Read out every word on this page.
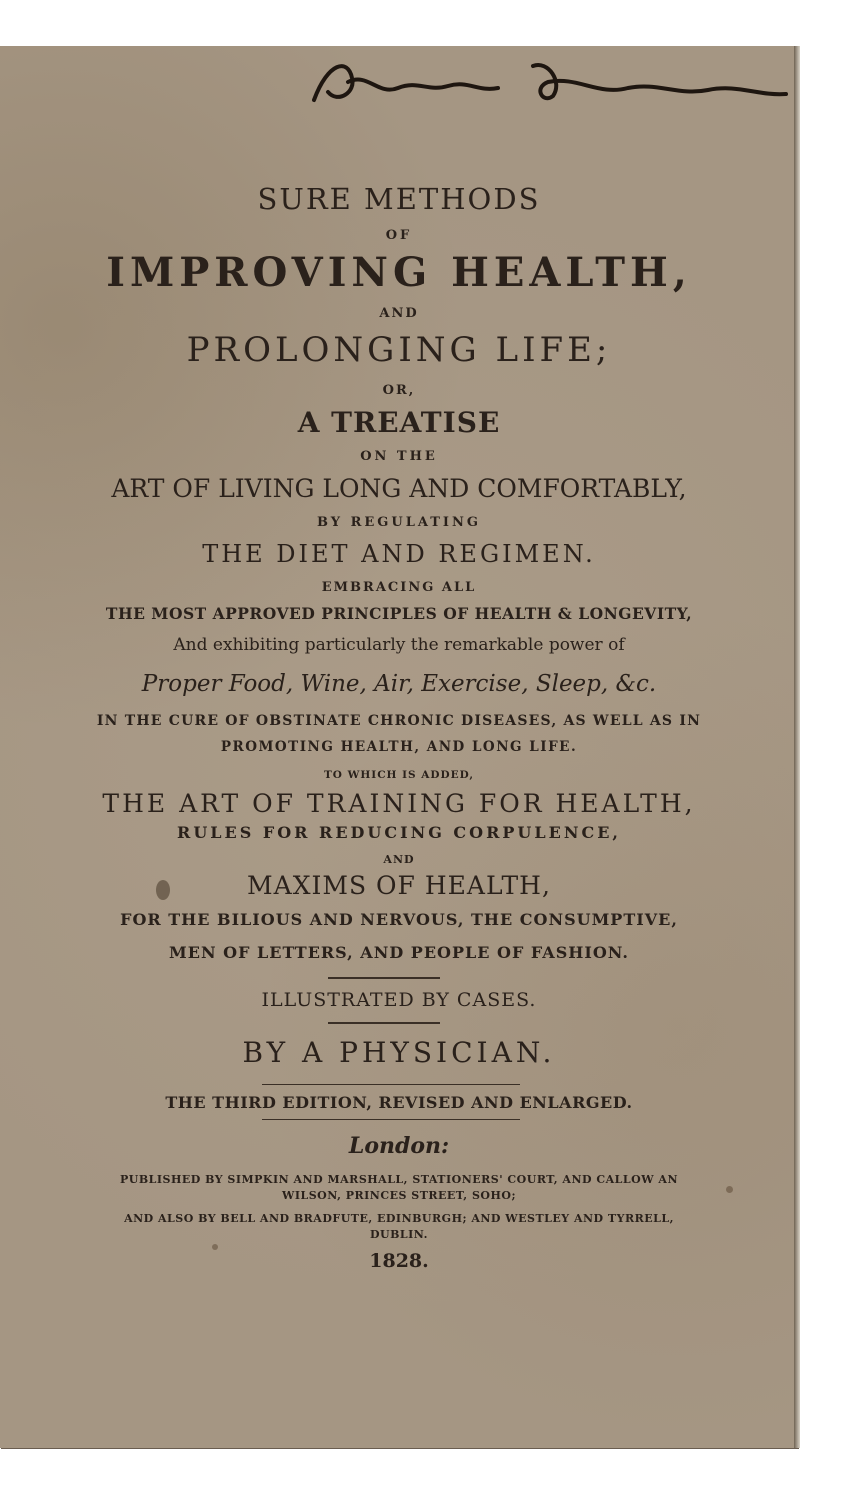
SURE METHODS
OF
IMPROVING HEALTH,
AND
PROLONGING LIFE;
OR,
A TREATISE
ON THE
ART OF LIVING LONG AND COMFORTABLY,
BY REGULATING
THE DIET AND REGIMEN.
EMBRACING ALL
THE MOST APPROVED PRINCIPLES OF HEALTH & LONGEVITY,
And exhibiting particularly the remarkable power of
Proper Food, Wine, Air, Exercise, Sleep, &c.
IN THE CURE OF OBSTINATE CHRONIC DISEASES, AS WELL AS IN
PROMOTING HEALTH, AND LONG LIFE.
TO WHICH IS ADDED,
THE ART OF TRAINING FOR HEALTH,
RULES FOR REDUCING CORPULENCE,
AND
MAXIMS OF HEALTH,
FOR THE BILIOUS AND NERVOUS, THE CONSUMPTIVE,
MEN OF LETTERS, AND PEOPLE OF FASHION.
ILLUSTRATED BY CASES.
BY A PHYSICIAN.
THE THIRD EDITION, REVISED AND ENLARGED.
London:
PUBLISHED BY SIMPKIN AND MARSHALL, STATIONERS' COURT, AND CALLOW AN
WILSON, PRINCES STREET, SOHO;
AND ALSO BY BELL AND BRADFUTE, EDINBURGH; AND WESTLEY AND TYRRELL,
DUBLIN.
1828.
